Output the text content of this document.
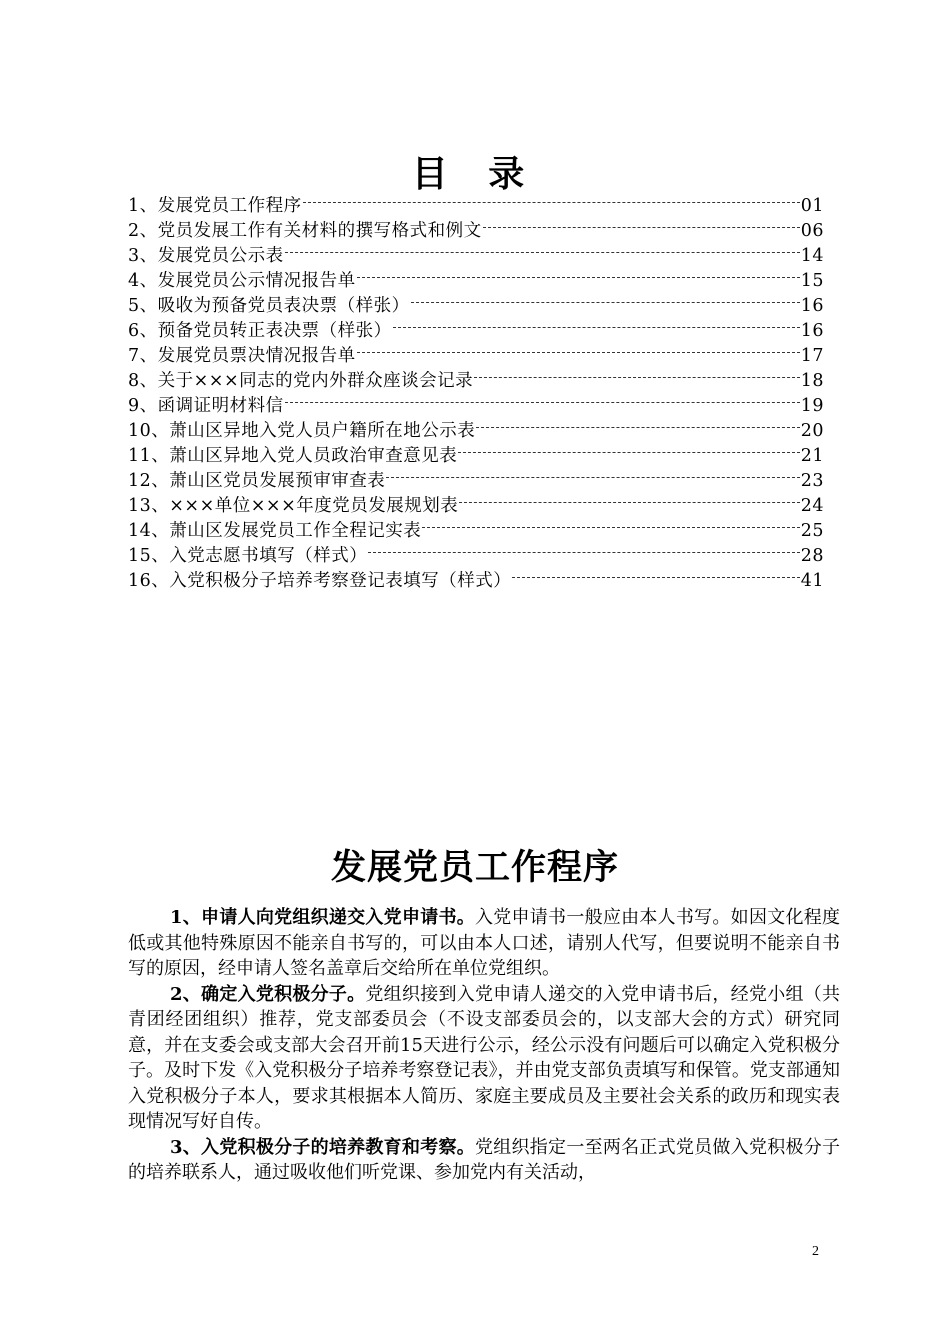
目 录
1、发展党员工作程序	01
2、党员发展工作有关材料的撰写格式和例文	06
3、发展党员公示表	14
4、发展党员公示情况报告单	15
5、吸收为预备党员表决票（样张）	16
6、预备党员转正表决票（样张）	16
7、发展党员票决情况报告单	17
8、关于×××同志的党内外群众座谈会记录	18
9、函调证明材料信	19
10、萧山区异地入党人员户籍所在地公示表	20
11、萧山区异地入党人员政治审查意见表	21
12、萧山区党员发展预审审查表	23
13、×××单位×××年度党员发展规划表	24
14、萧山区发展党员工作全程记实表	25
15、入党志愿书填写（样式）	28
16、入党积极分子培养考察登记表填写（样式）	41
发展党员工作程序

1、申请人向党组织递交入党申请书。入党申请书一般应由本人书写。如因文化程度低或其他特殊原因不能亲自书写的，可以由本人口述，请别人代写，但要说明不能亲自书写的原因，经申请人签名盖章后交给所在单位党组织。

2、确定入党积极分子。党组织接到入党申请人递交的入党申请书后，经党小组（共青团经团组织）推荐，党支部委员会（不设支部委员会的，以支部大会的方式）研究同意，并在支委会或支部大会召开前15天进行公示，经公示没有问题后可以确定入党积极分子。及时下发《入党积极分子培养考察登记表》，并由党支部负责填写和保管。党支部通知入党积极分子本人，要求其根据本人简历、家庭主要成员及主要社会关系的政历和现实表现情况写好自传。

3、入党积极分子的培养教育和考察。党组织指定一至两名正式党员做入党积极分子的培养联系人，通过吸收他们听党课、参加党内有关活动，

2
